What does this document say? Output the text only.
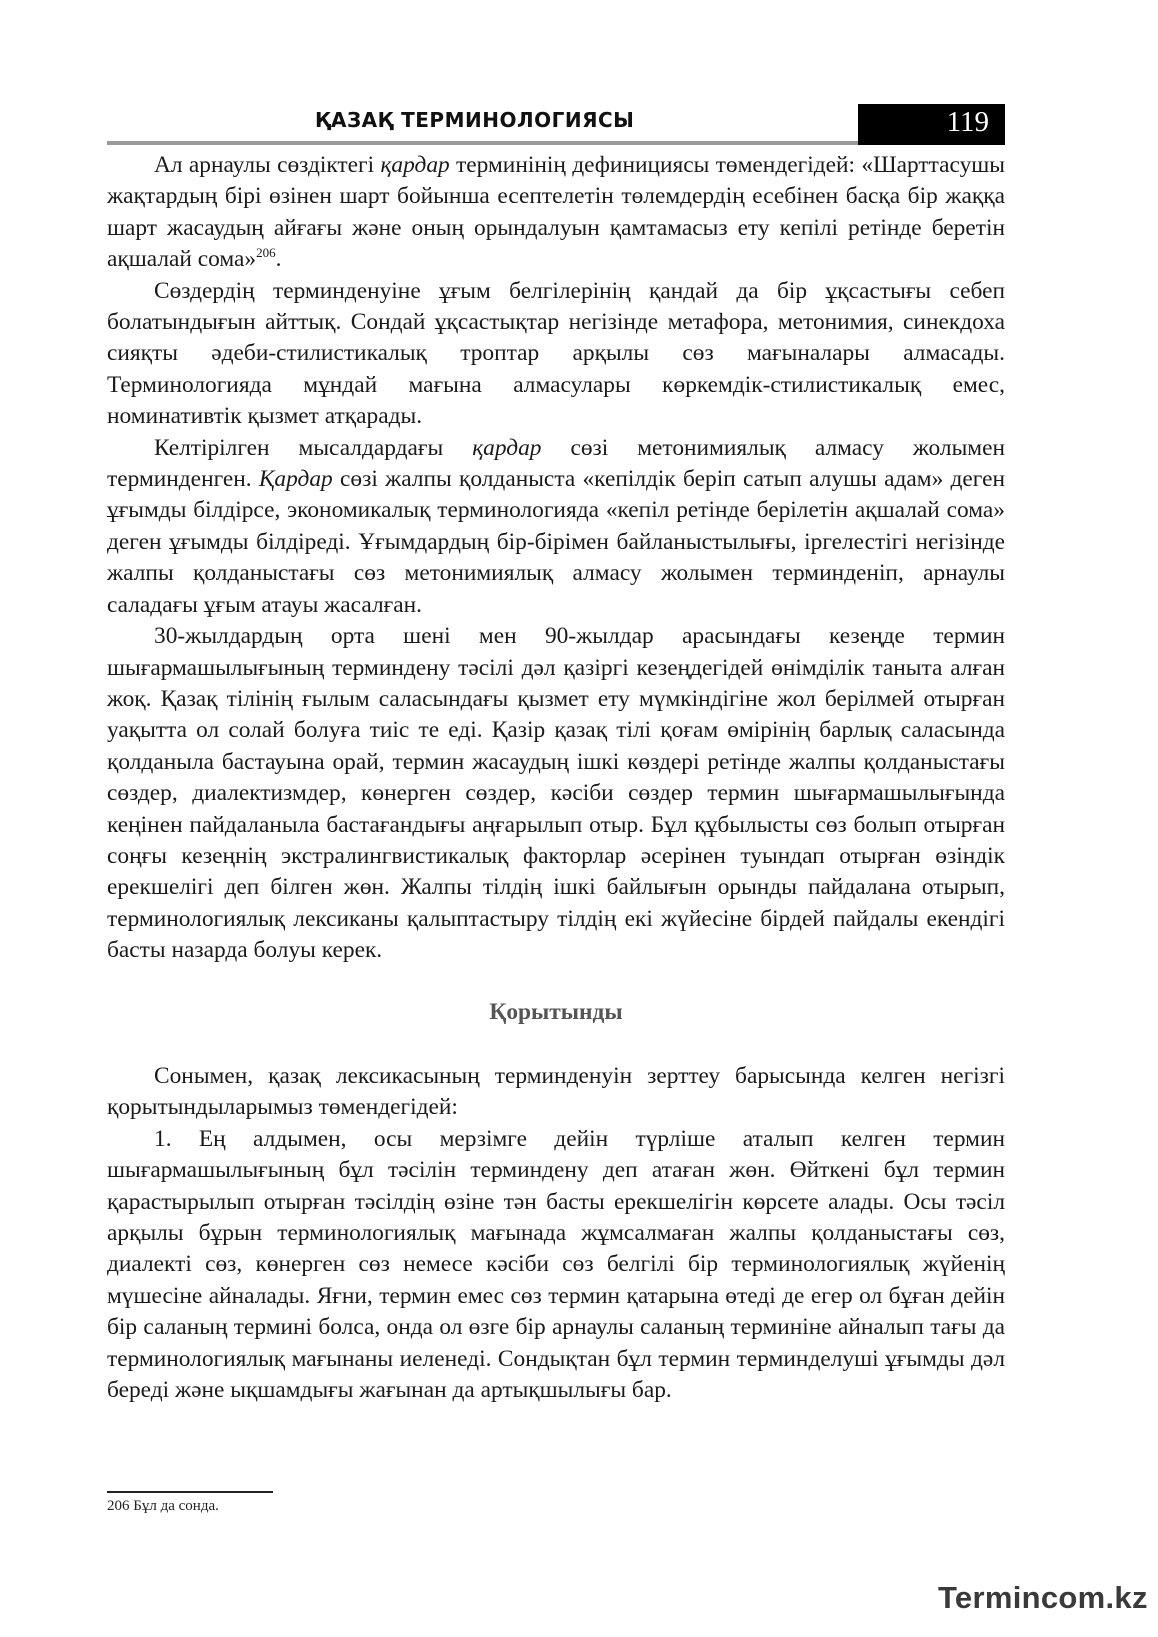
ҚАЗАҚ ТЕРМИНОЛОГИЯСЫ	119

Ал арнаулы сөздіктегі қардар терминінің дефинициясы төмендегідей: «Шарттасушы жақтардың бірі өзінен шарт бойынша есептелетін төлемдердің есебінен басқа бір жаққа шарт жасаудың айғағы және оның орындалуын қамтамасыз ету кепілі ретінде беретін ақшалай сома»$^{206}$.

Сөздердің терминденуіне ұғым белгілерінің қандай да бір ұқсастығы себеп болатындығын айттық. Сондай ұқсастықтар негізінде метафора, метонимия, синекдоха сияқты әдеби-стилистикалық троптар арқылы сөз мағыналары алмасады. Терминологияда мұндай мағына алмасулары көркемдік-стилистикалық емес, номинативтік қызмет атқарады.

Келтірілген мысалдардағы қардар сөзі метонимиялық алмасу жолымен терминденген. Қардар сөзі жалпы қолданыста «кепілдік беріп сатып алушы адам» деген ұғымды білдірсе, экономикалық терминологияда «кепіл ретінде берілетін ақшалай сома» деген ұғымды білдіреді. Ұғымдардың бір-бірімен байланыстылығы, іргелестігі негізінде жалпы қолданыстағы сөз метонимиялық алмасу жолымен терминденіп, арнаулы саладағы ұғым атауы жасалған.

30-жылдардың орта шені мен 90-жылдар арасындағы кезеңде термин шығармашылығының терминдену тәсілі дәл қазіргі кезеңдегідей өнімділік таныта алған жоқ. Қазақ тілінің ғылым саласындағы қызмет ету мүмкіндігіне жол берілмей отырған уақытта ол солай болуға тиіс те еді. Қазір қазақ тілі қоғам өмірінің барлық саласында қолданыла бастауына орай, термин жасаудың ішкі көздері ретінде жалпы қолданыстағы сөздер, диалектизмдер, көнерген сөздер, кәсіби сөздер термин шығармашылығында кеңінен пайдаланыла бастағандығы аңғарылып отыр. Бұл құбылысты сөз болып отырған соңғы кезеңнің экстралингвистикалық факторлар әсерінен туындап отырған өзіндік ерекшелігі деп білген жөн. Жалпы тілдің ішкі байлығын орынды пайдалана отырып, терминологиялық лексиканы қалыптастыру тілдің екі жүйесіне бірдей пайдалы екендігі басты назарда болуы керек.

Қорытынды

Сонымен, қазақ лексикасының терминденуін зерттеу барысында келген негізгі қорытындыларымыз төмендегідей:

1. Ең алдымен, осы мерзімге дейін түрліше аталып келген термин шығармашылығының бұл тәсілін терминдену деп атаған жөн. Өйткені бұл термин қарастырылып отырған тәсілдің өзіне тән басты ерекшелігін көрсете алады. Осы тәсіл арқылы бұрын терминологиялық мағынада жұмсалмаған жалпы қолданыстағы сөз, диалекті сөз, көнерген сөз немесе кәсіби сөз белгілі бір терминологиялық жүйенің мүшесіне айналады. Яғни, термин емес сөз термин қатарына өтеді де егер ол бұған дейін бір саланың термині болса, онда ол өзге бір арнаулы саланың терминіне айналып тағы да терминологиялық мағынаны иеленеді. Сондықтан бұл термин терминделуші ұғымды дәл береді және ықшамдығы жағынан да артықшылығы бар.

206 Бұл да сонда.
Termincom.kz
